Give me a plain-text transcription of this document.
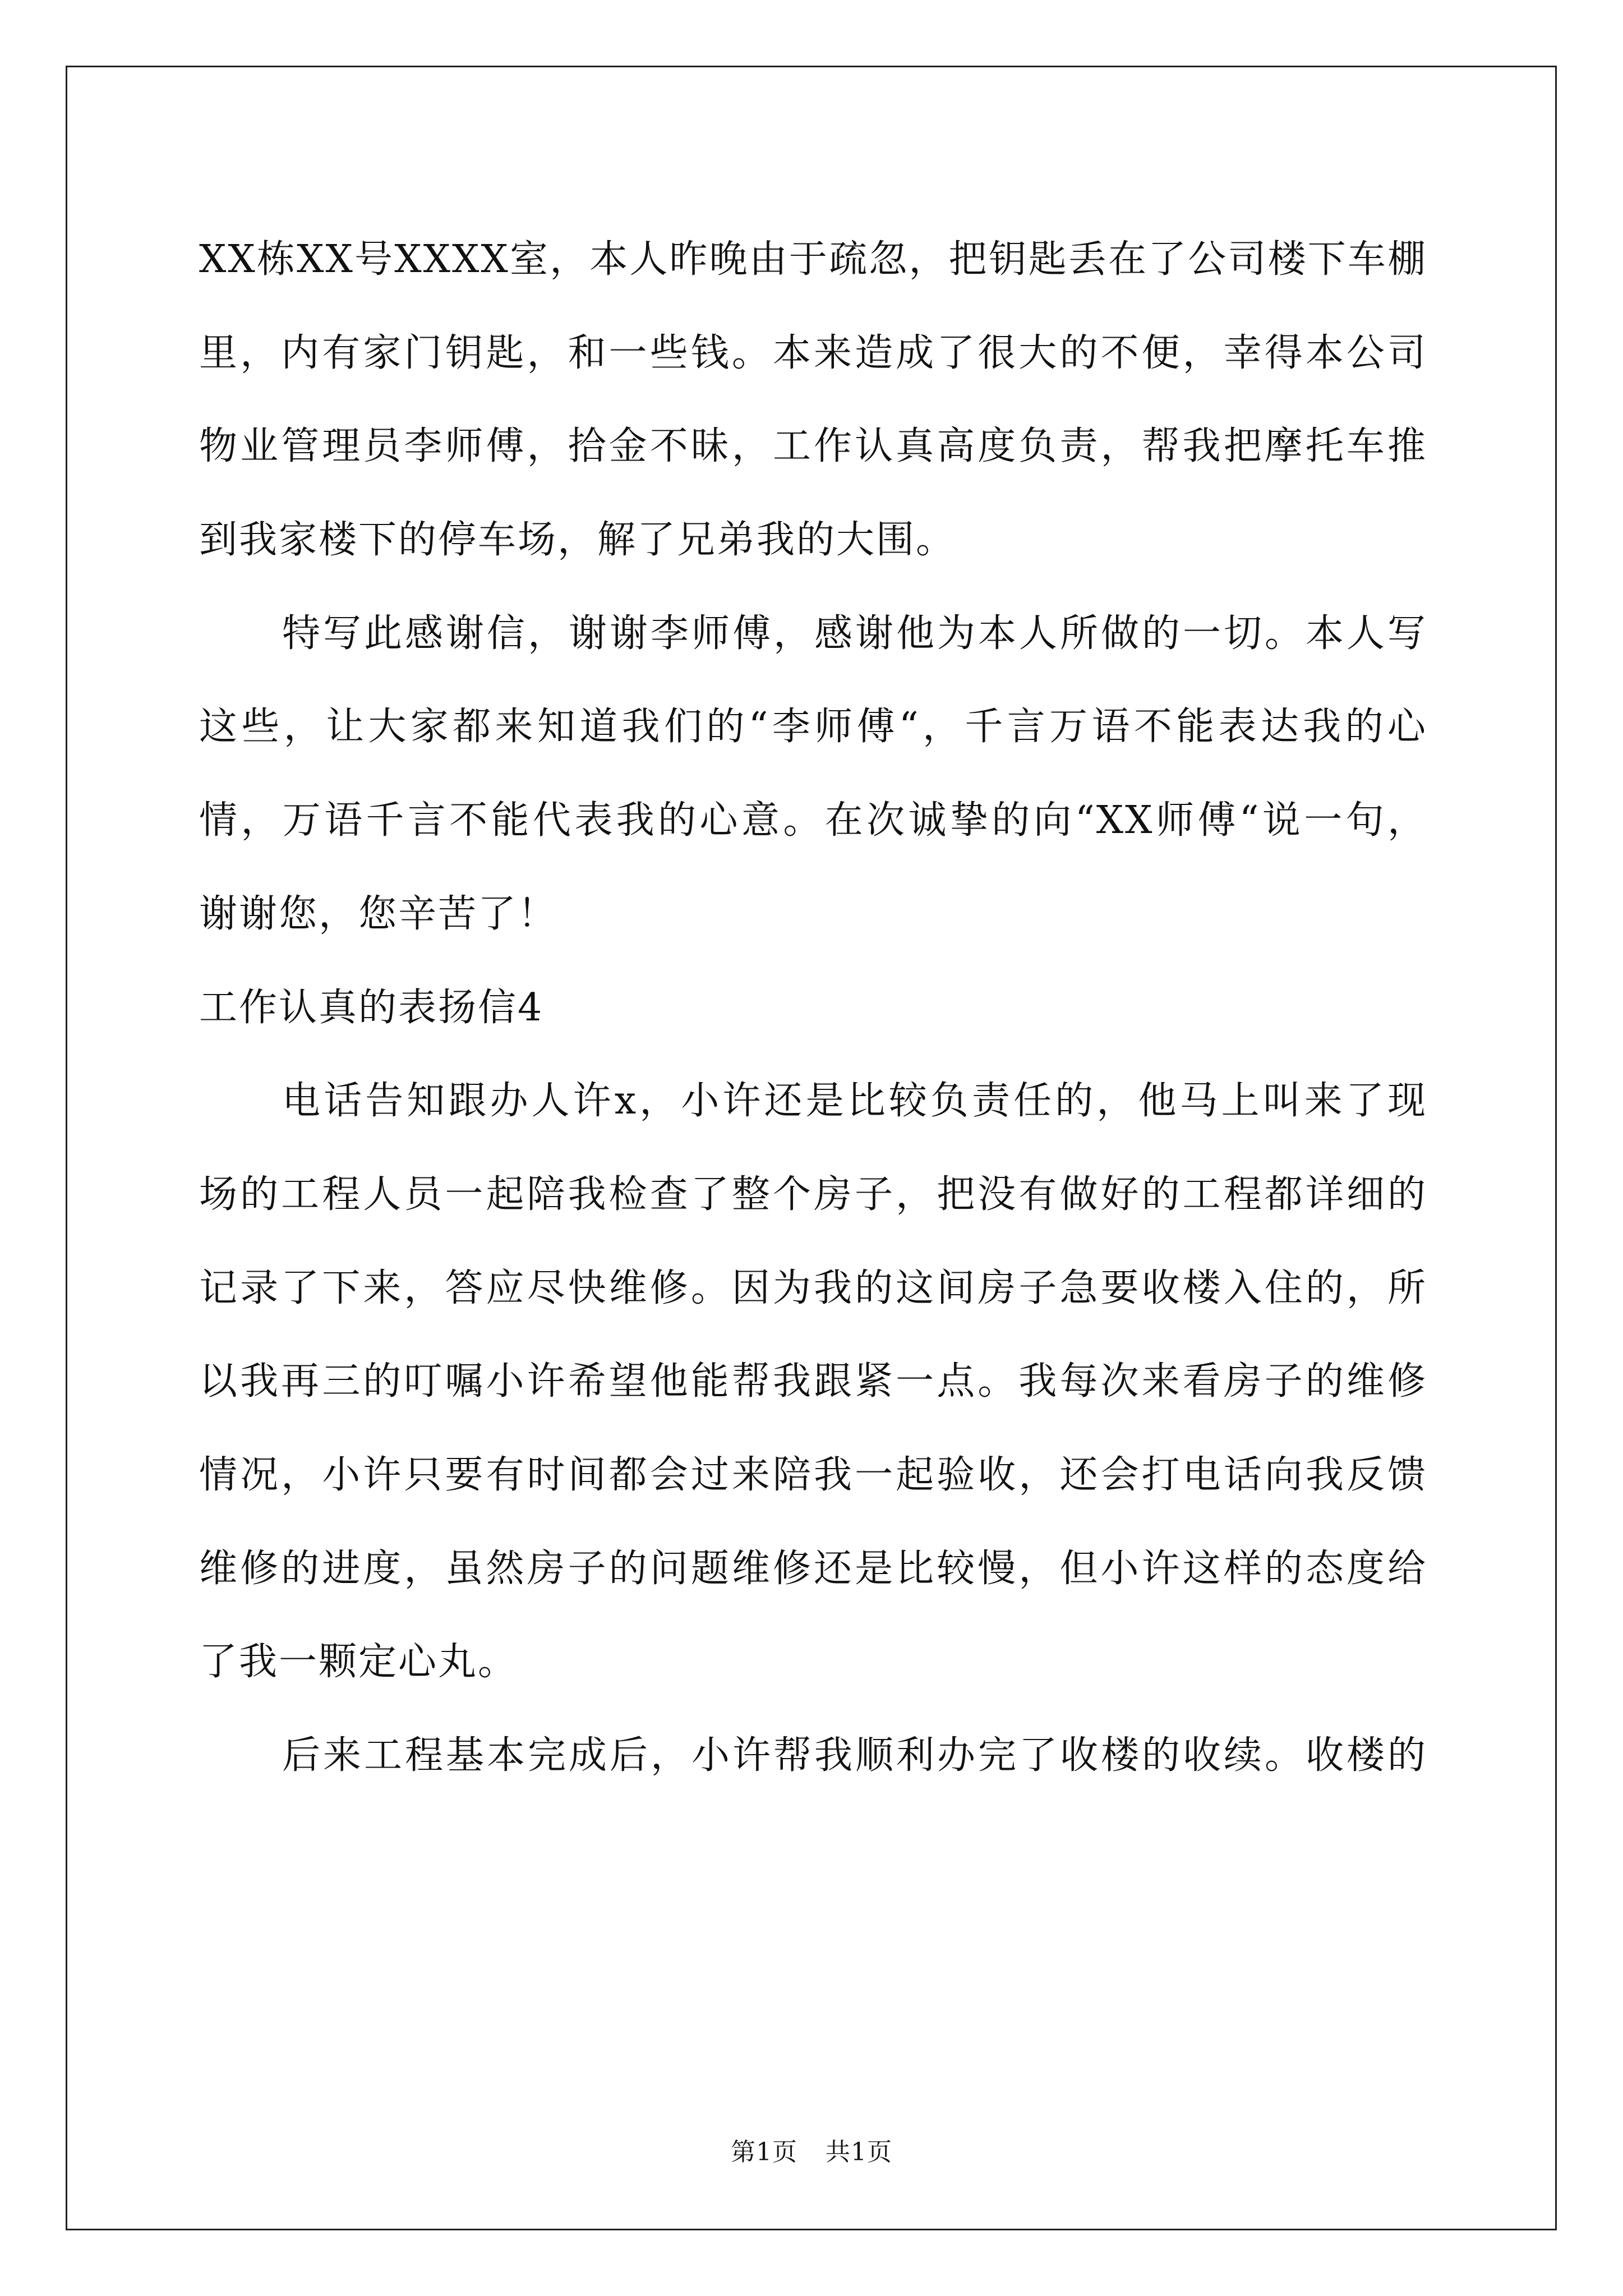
XX栋XX号XXXX室，本人昨晚由于疏忽，把钥匙丢在了公司楼下车棚
里，内有家门钥匙，和一些钱。本来造成了很大的不便，幸得本公司
物业管理员李师傅，拾金不昧，工作认真高度负责，帮我把摩托车推
到我家楼下的停车场，解了兄弟我的大围。
特写此感谢信，谢谢李师傅，感谢他为本人所做的一切。本人写
这些，让大家都来知道我们的“李师傅“，千言万语不能表达我的心
情，万语千言不能代表我的心意。在次诚挚的向“XX师傅“说一句，
谢谢您，您辛苦了！
工作认真的表扬信4
电话告知跟办人许x，小许还是比较负责任的，他马上叫来了现
场的工程人员一起陪我检查了整个房子，把没有做好的工程都详细的
记录了下来，答应尽快维修。因为我的这间房子急要收楼入住的，所
以我再三的叮嘱小许希望他能帮我跟紧一点。我每次来看房子的维修
情况，小许只要有时间都会过来陪我一起验收，还会打电话向我反馈
维修的进度，虽然房子的问题维修还是比较慢，但小许这样的态度给
了我一颗定心丸。
后来工程基本完成后，小许帮我顺利办完了收楼的收续。收楼的
第1页 共1页
